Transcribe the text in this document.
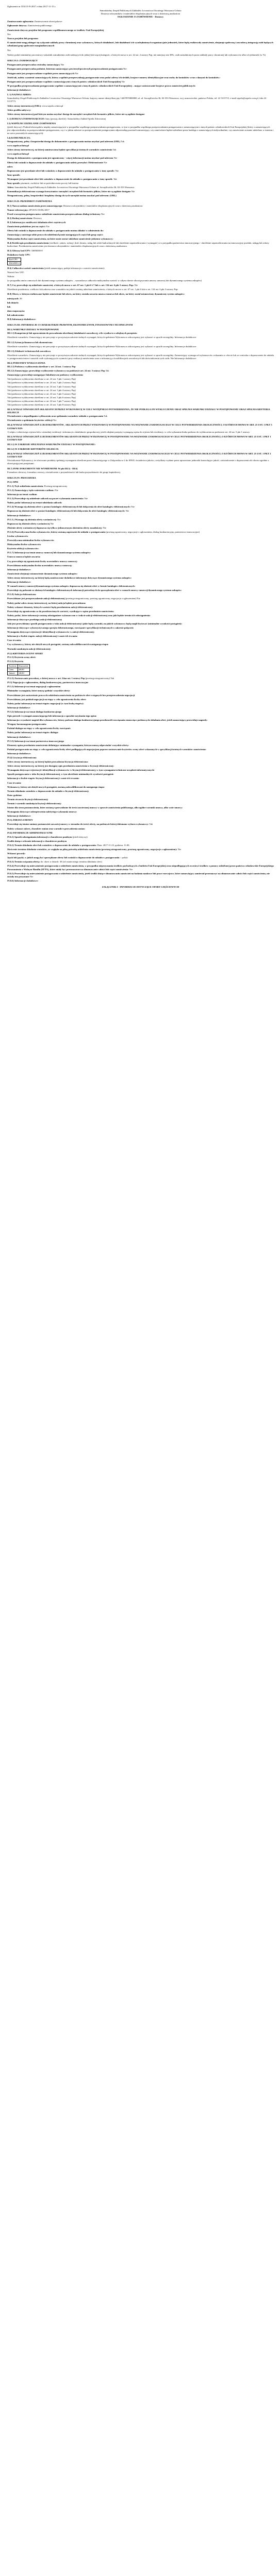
Ogłoszenie nr 553115-N-2017 z dnia 2017-11-15 r.
Samodzielny Zespół Publicznych Zakładów Lecznictwa Otwartego Warszawa Ochota
Dostawa odczynników i materiałów eksploatacyjnych wraz z dzierżawą analizatora
OGŁOSZENIE O ZAMÓWIENIU - Dostawy
Zamieszczanie ogłoszenia: Zamieszczanie obowiązkowe
Ogłoszenie dotyczy: Zamówienia publicznego
Zamówienie dotyczy projektu lub programu współfinansowanego ze środków Unii Europejskiej
Nie
Nazwa projektu lub programu

O zamówienie mogą ubiegać się wyłącznie zakłady pracy chronionej oraz wykonawcy, których działalność, lub działalność ich wyodrębnionych organizacyjnie jednostek, które będą realizowały zamówienie, obejmuje społeczną i zawodową integrację osób będących członkami grup społecznie marginalizowanych

Nie

Należy podać minimalny procentowy wskaźnik zatrudnienia osób należących do jednej lub więcej kategorii, o których mowa w art. 22 ust. 2 ustawy Pzp, nie mniejszy niż 30%, osób zatrudnionych przez zakłady pracy chronionej lub wykonawców albo ich jednostek (w %)

SEKCJA I: ZAMAWIAJĄCY
Postępowanie przeprowadza centralny zamawiający Nie
Postępowanie przeprowadza podmiot, któremu zamawiający powierzył/powierzyli przeprowadzenie postępowania Nie
Postępowanie jest przeprowadzane wspólnie przez zamawiających Nie
Jeżeli tak, należy wymienić zamawiających, którzy wspólnie przeprowadzają postępowanie oraz podać adresy ich siedzib, krajowe numery identyfikacyjne oraz osoby do kontaktów wraz z danymi do kontaktów:
Postępowanie jest przeprowadzane wspólnie z zamawiającymi z innych państw członkowskich Unii Europejskiej Nie
W przypadku przeprowadzania postępowania wspólnie z zamawiającymi z innych państw członkowskich Unii Europejskiej – mające zastosowanie krajowe prawo zamówień publicznych:
Informacje dodatkowe:
I. 1) NAZWA I ADRES:

Samodzielny Zespół Publicznych Zakładów Lecznictwa Otwartego Warszawa Ochota, krajowy numer identyfikacyjny 14207870000000, ul. ul. Szczęśliwicka 36, 02-353 Warszawa, woj. mazowieckie, państwo Polska, tel. 22 5115715, e-mail szpzlo@szpzlo.com.pl, faks 22 5115773.

Adres strony internetowej (URL): www.szpzlo.ochota.pl
Adres profilu nabywcy:
Adres strony internetowej pod którym można uzyskać dostęp do narzędzi i urządzeń lub formatów plików, które nie są ogólnie dostępne
I. 2) RODZAJ ZAMAWIAJĄCEGO: Inny (proszę określić): Samodzielny Zakład Opieki Zdrowotnej
I.3) WSPÓLNE UDZIELANIE ZAMÓWIENIA

(jeżeli dotyczy): Podział obowiązków między zamawiającymi w przypadku wspólnego przeprowadzania postępowania, w tym w przypadku wspólnego przeprowadzania postępowania z zamawiającymi z innych państw członkowskich Unii Europejskiej (który z zamawiających jest odpowiedzialny za przeprowadzenie postępowania, czy i w jakim zakresie za przeprowadzenie postępowania odpowiadają pozostali zamawiający, czy zamówienie będzie udzielane przez każdego z zamawiających indywidualnie, czy zamówienie zostanie udzielone w imieniu i na rzecz pozostałych zamawiających):

I.4) KOMUNIKACJA:
Nieograniczony, pełny i bezpośredni dostęp do dokumentów z postępowania można uzyskać pod adresem (URL) Tak
www.szpzlo.ochota.pl
Adres strony internetowej, na której zamieszczona będzie specyfikacja istotnych warunków zamówienia Tak
www.szpzlo.ochota.pl
Dostęp do dokumentów z postępowania jest ograniczony - więcej informacji można uzyskać pod adresem Nie
Oferty lub wnioski o dopuszczenie do udziału w postępowaniu należy przesyłać: Elektronicznie Nie
adres
Dopuszczone jest przesłanie ofert lub wniosków o dopuszczenie do udziału w postępowaniu w inny sposób: Nie
Inny sposób:
Wymagane jest przesłanie ofert lub wniosków o dopuszczenie do udziału w postępowaniu w inny sposób: Tak
Inny sposób: pisemnie, osobiście lub za pośrednictwem poczty lub kuriera
Adres: Samodzielny Zespół Publicznych Zakładów Lecznictwa Otwartego Warszawa Ochota ul. Szczęśliwicka 36, 02-353 Warszawa
Komunikacja elektroniczna wymaga korzystania z narzędzi i urządzeń lub formatów plików, które nie są ogólnie dostępne Nie
Nieograniczony, pełny, bezpośredni i bezpłatny dostęp do tych narzędzi można uzyskać pod adresem: (URL)
SEKCJA II: PRZEDMIOT ZAMÓWIENIA
II.1) Nazwa nadana zamówieniu przez zamawiającego: Dostawa odczynników i materiałów eksploatacyjnych wraz z dzierżawą analizatora
Numer referencyjny: ZP/25/U/10/DL/2017
Przed wszczęciem postępowania o udzielenie zamówienia przeprowadzono dialog techniczny Nie
II.2) Rodzaj zamówienia: Dostawy
II.3) Informacja o możliwości składania ofert częściowych
Zamówienie podzielone jest na części: Nie
Oferty lub wnioski o dopuszczenie do udziału w postępowaniu można składać w odniesieniu do:
Zamawiający zastrzega sobie prawo do udzielenia łącznie następujących części lub grup części:
Maksymalna liczba części zamówienia, na które może zostać udzielone zamówienie jednemu wykonawcy:
II.4) Krótki opis przedmiotu zamówienia (wielkość, zakres, rodzaj i ilość dostaw, usług lub robót budowlanych lub określenie zapotrzebowania i wymagań ) a w przypadku partnerstwa innowacyjnego - określenie zapotrzebowania na innowacyjny produkt, usługę lub roboty budowlane: Przedmiotem zamówienia jest dostawa odczynników i materiałów eksploatacyjnych wraz z dzierżawą analizatora.
II.5) Główny kod CPV: 33696500-0
Dodatkowe kody CPV:
Kod CPV
38434500-2
II.6) Całkowita wartość zamówienia (jeżeli zamawiający podaje informacje o wartości zamówienia):
Wartość bez VAT:
Waluta:

(w przypadku umów ramowych lub dynamicznego systemu zakupów – szacunkowa całkowita maksymalna wartość w całym okresie obowiązywania umowy ramowej lub dynamicznego systemu zakupów)

II.7) Czy przewiduje się udzielenie zamówień, o których mowa w art. 67 ust. 1 pkt 6 i 7 lub w art. 134 ust. 6 pkt 3 ustawy Pzp: Nie

Określenie przedmiotu, wielkości lub zakresu oraz warunków na jakich zostaną udzielone zamówienia, o których mowa w art. 67 ust. 1 pkt 6 lub w art. 134 ust. 6 pkt 3 ustawy Pzp:

II.8) Okres, w którym realizowane będzie zamówienie lub okres, na który została zawarta umowa ramowa lub okres, na który został ustanowiony dynamiczny system zakupów:
miesiącach: 36
lub dniach:
lub
data rozpoczęcia:
lub zakończenia:
II.9) Informacje dodatkowe:
SEKCJA III: INFORMACJE O CHARAKTERZE PRAWNYM, EKONOMICZNYM, FINANSOWYM I TECHNICZNYM
III.1) WARUNKI UDZIAŁU W POSTĘPOWANIU
III.1.1) Kompetencje lub uprawnienia do prowadzenia określonej działalności zawodowej, o ile wynika to z odrębnych przepisów

Określenie warunków: Zamawiający nie precyzuje w powyższym zakresie żadnych wymagań, których spełnienie Wykonawca zobowiązany jest wykazać w sposób szczególny. Informacje dodatkowe:

III.1.2) Sytuacja finansowa lub ekonomiczna

Określenie warunków: Zamawiający nie precyzuje w powyższym zakresie żadnych wymagań, których spełnienie Wykonawca zobowiązany jest wykazać w sposób szczególny. Informacje dodatkowe:

III.1.3) Zdolność techniczna lub zawodowa

Określenie warunków: Zamawiający nie precyzuje w powyższym zakresie żadnych wymagań, których spełnienie Wykonawca zobowiązany jest wykazać w sposób szczególny. Zamawiający wymaga od wykonawców wskazania w ofercie lub we wniosku o dopuszczenie do udziału w postępowaniu imion i nazwisk osób wykonujących czynności przy realizacji zamówienia wraz z informacją o kwalifikacjach zawodowych lub doświadczeniu tych osób: Nie Informacje dodatkowe:

III.2) PODSTAWY WYKLUCZENIA
III.2.1) Podstawy wykluczenia określone w art. 24 ust. 1 ustawy Pzp
III.2.2) Zamawiający przewiduje wykluczenie wykonawcy na podstawie art. 24 ust. 5 ustawy Pzp Tak
Zamawiający przewiduje następujące fakultatywne podstawy wykluczenia:
Tak (podstawa wykluczenia określona w art. 24 ust. 5 pkt 1 ustawy Pzp)
Tak (podstawa wykluczenia określona w art. 24 ust. 5 pkt 2 ustawy Pzp)
Tak (podstawa wykluczenia określona w art. 24 ust. 5 pkt 3 ustawy Pzp)
Tak (podstawa wykluczenia określona w art. 24 ust. 5 pkt 4 ustawy Pzp)
Tak (podstawa wykluczenia określona w art. 24 ust. 5 pkt 5 ustawy Pzp)
Tak (podstawa wykluczenia określona w art. 24 ust. 5 pkt 6 ustawy Pzp)
Tak (podstawa wykluczenia określona w art. 24 ust. 5 pkt 7 ustawy Pzp)
Tak (podstawa wykluczenia określona w art. 24 ust. 5 pkt 8 ustawy Pzp)
III.3) WYKAZ OŚWIADCZEŃ SKŁADANYCH PRZEZ WYKONAWCĘ W CELU WSTĘPNEGO POTWIERDZENIA, ŻE NIE PODLEGA ON WYKLUCZENIU ORAZ SPEŁNIA WARUNKI UDZIAŁU W POSTĘPOWANIU ORAZ SPEŁNIA KRYTERIA SELEKCJI
Oświadczenie o niepodleganiu wykluczeniu oraz spełnianiu warunków udziału w postępowaniu Tak
Oświadczenie o spełnianiu kryteriów selekcji Nie
III.4) WYKAZ OŚWIADCZEŃ LUB DOKUMENTÓW , SKŁADANYCH PRZEZ WYKONAWCĘ W POSTĘPOWANIU NA WEZWANIE ZAMAWIAJACEGO W CELU POTWIERDZENIA OKOLICZNOŚCI, O KTÓRYCH MOWA W ART. 25 UST. 1 PKT 3 USTAWY PZP:

1) odpis z właściwego rejestru lub z centralnej ewidencji i informacji o działalności gospodarczej, jeżeli odrębne przepisy wymagają wpisu do rejestru lub ewidencji, w celu wykazania braku podstaw do wykluczenia na podstawie art. 24 ust. 5 pkt 1 ustawy.

III.5) WYKAZ OŚWIADCZEŃ LUB DOKUMENTÓW SKŁADANYCH PRZEZ WYKONAWCĘ W POSTĘPOWANIU NA WEZWANIE ZAMAWIAJACEGO W CELU POTWIERDZENIA OKOLICZNOŚCI, O KTÓRYCH MOWA W ART. 25 UST. 1 PKT 1 USTAWY PZP
III.5.1) W ZAKRESIE SPEŁNIANIA WARUNKÓW UDZIAŁU W POSTĘPOWANIU:
III.5.2) W ZAKRESIE KRYTERIÓW SELEKCJI:
III.6) WYKAZ OŚWIADCZEŃ LUB DOKUMENTÓW SKŁADANYCH PRZEZ WYKONAWCĘ W POSTĘPOWANIU NA WEZWANIE ZAMAWIAJACEGO W CELU POTWIERDZENIA OKOLICZNOŚCI, O KTÓRYCH MOWA W ART. 25 UST. 1 PKT 2 USTAWY PZP

Oświadczenie Wykonawcy, że oferowane produkty spełniają wymagania określone przez Zamawiającego w Załączniku nr 2 do SIWZ; świadectwa jakości, certyfikaty wydane przez uprawnione jednostki kontrolujące jakość, zaświadczenie o dopuszczeniu do obrotu zgodnie z obowiązującymi przepisami.

III.7) INNE DOKUMENTY NIE WYMIENIONE W pkt III.3) - III.6)

Formularz ofertowy, formularz cenowy, oświadczenie o przynależności lub braku przynależności do grupy kapitałowej.

SEKCJA IV: PROCEDURA
IV.1) OPIS
IV.1.1) Tryb udzielenia zamówienia: Przetarg nieograniczony
IV.1.2) Zamawiający żąda wniesienia wadium: Nie
Informacja na temat wadium
IV.1.3) Przewiduje się udzielenie zaliczek na poczet wykonania zamówienia: Nie
Należy podać informacje na temat udzielania zaliczek:
IV.1.4) Wymaga się złożenia ofert w postaci katalogów elektronicznych lub dołączenia do ofert katalogów elektronicznych: Nie
Dopuszcza się złożenie ofert w postaci katalogów elektronicznych lub dołączenia do ofert katalogów elektronicznych: Nie
Informacje dodatkowe:
IV.1.5.) Wymaga się złożenia oferty wariantowej: Nie
Dopuszcza się złożenie oferty wariantowej Nie
Złożenie oferty wariantowej dopuszcza się tylko z jednoczesnym złożeniem oferty zasadniczej: Nie
IV.1.6) Przewidywana liczba wykonawców, którzy zostaną zaproszeni do udziału w postępowaniu (przetarg ograniczony, negocjacje z ogłoszeniem, dialog konkurencyjny, partnerstwo innowacyjne)
Liczba wykonawców
Przewidywana minimalna liczba wykonawców
Maksymalna liczba wykonawców
Kryteria selekcji wykonawców:
IV.1.7) Informacje na temat umowy ramowej lub dynamicznego systemu zakupów:
Umowa ramowa będzie zawarta:
Czy przewiduje się ograniczenie liczby uczestników umowy ramowej:
Przewidziana maksymalna liczba uczestników umowy ramowej:
Informacje dodatkowe:
Zamówienie obejmuje ustanowienie dynamicznego systemu zakupów:
Adres strony internetowej, na której będą zamieszczone dodatkowe informacje dotyczące dynamicznego systemu zakupów:
Informacje dodatkowe:
W ramach umowy ramowej/dynamicznego systemu zakupów dopuszcza się złożenie ofert w formie katalogów elektronicznych:
Przewiduje się pobranie ze złożonych katalogów elektronicznych informacji potrzebnych do sporządzenia ofert w ramach umowy ramowej/dynamicznego systemu zakupów:
IV.1.8) Aukcja elektroniczna
Przewidziane jest przeprowadzenie aukcji elektronicznej (przetarg nieograniczony, przetarg ograniczony, negocjacje z ogłoszeniem) Nie
Należy podać adres strony internetowej, na której aukcja będzie prowadzona:
Należy wskazać elementy, których wartości będą przedmiotem aukcji elektronicznej:
Przewiduje się ograniczenia co do przedstawionych wartości, wynikające z opisu przedmiotu zamówienia:
Należy podać, które informacje zostaną udostępnione wykonawcom w trakcie aukcji elektronicznej oraz jaki będzie termin ich udostępnienia:
Informacje dotyczące przebiegu aukcji elektronicznej:
Jaki jest przewidziany sposób postępowania w toku aukcji elektronicznej i jakie będą warunki, na jakich wykonawcy będą mogli licytować (minimalne wysokości postąpień):
Informacje dotyczące wykorzystywanego sprzętu elektronicznego, rozwiązań i specyfikacji technicznych w zakresie połączeń:
Wymagania dotyczące rejestracji i identyfikacji wykonawców w aukcji elektronicznej:
Informacje o liczbie etapów aukcji elektronicznej i czasie ich trwania:
Czas trwania:
Czy wykonawcy, którzy nie złożyli nowych postąpień, zostaną zakwalifikowani do następnego etapu:
Warunki zamknięcia aukcji elektronicznej:
IV.2) KRYTERIA OCENY OFERT
IV.2.1) Kryteria oceny ofert:
IV.2.2) Kryteria
Kryteria	Znaczenie
Cena	60,00
Jakość	40,00
IV.2.3) Zastosowanie procedury, o której mowa w art. 24aa ust. 1 ustawy Pzp (przetarg nieograniczony) Tak
IV.3) Negocjacje z ogłoszeniem, dialog konkurencyjny, partnerstwo innowacyjne
IV.3.1) Informacje na temat negocjacji z ogłoszeniem
Minimalne wymagania, które muszą spełniać wszystkie oferty:
Przewidziane jest zastrzeżenie prawa do udzielenia zamówienia na podstawie ofert wstępnych bez przeprowadzenia negocjacji
Przewidziany jest podział negocjacji na etapy w celu ograniczenia liczby ofert:
Należy podać informacje na temat etapów negocjacji (w tym liczbę etapów):
Informacje dodatkowe
IV.3.2) Informacje na temat dialogu konkurencyjnego
Opis potrzeb i wymagań zamawiającego lub informacja o sposobie uzyskania tego opisu:
Informacja o wysokości nagród dla wykonawców, którzy podczas dialogu konkurencyjnego przedstawili rozwiązania stanowiące podstawę do składania ofert, jeżeli zamawiający przewiduje nagrody:
Wstępny harmonogram postępowania:
Podział dialogu na etapy w celu ograniczenia liczby rozwiązań:
Należy podać informacje na temat etapów dialogu:
Informacje dodatkowe:
IV.3.3) Informacje na temat partnerstwa innowacyjnego
Elementy opisu przedmiotu zamówienia definiujące minimalne wymagania, którym muszą odpowiadać wszystkie oferty:
Podział postępowania na etapy w celu ograniczenia liczby ofert podlegających negocjacjom poprzez zastosowanie kryteriów oceny ofert wskazanych w specyfikacji istotnych warunków zamówienia:
Informacje dodatkowe:
IV.4) Licytacja elektroniczna
Adres strony internetowej, na której będzie prowadzona licytacja elektroniczna:
Adres strony internetowej, na której jest dostępny opis przedmiotu zamówienia w licytacji elektronicznej:
Wymagania dotyczące rejestracji i identyfikacji wykonawców w licytacji elektronicznej, w tym wymagania techniczne urządzeń informatycznych:
Sposób postępowania w toku licytacji elektronicznej, w tym określenie minimalnych wysokości postąpień:
Informacje o liczbie etapów licytacji elektronicznej i czasie ich trwania:
Czas trwania:
Wykonawcy, którzy nie złożyli nowych postąpień, zostaną zakwalifikowani do następnego etapu:
Termin składania wniosków o dopuszczenie do udziału w licytacji elektronicznej:
Data: godzina:
Termin otwarcia licytacji elektronicznej:
Termin i warunki zamknięcia licytacji elektronicznej:
Istotne dla stron postanowienia, które zostaną wprowadzone do treści zawieranej umowy w sprawie zamówienia publicznego, albo ogólne warunki umowy, albo wzór umowy:
Wymagania dotyczące zabezpieczenia należytego wykonania umowy:
Informacje dodatkowe:
IV.5) ZMIANA UMOWY
Przewiduje się istotne zmiany postanowień zawartej umowy w stosunku do treści oferty, na podstawie której dokonano wyboru wykonawcy: Tak
Należy wskazać zakres, charakter zmian oraz warunki wprowadzenia zmian:
IV.6) INFORMACJE ADMINISTRACYJNE
IV.6.1) Sposób udostępniania informacji o charakterze poufnym (jeżeli dotyczy):
Środki służące ochronie informacji o charakterze poufnym
IV.6.2) Termin składania ofert lub wniosków o dopuszczenie do udziału w postępowaniu: Data: 2017-11-23, godzina: 11:00,
Skrócenie terminu składania wniosków, ze względu na pilną potrzebę udzielenia zamówienia (przetarg nieograniczony, przetarg ograniczony, negocjacje z ogłoszeniem): Nie
Wskazać powody:
Język lub języki, w jakich mogą być sporządzane oferty lub wnioski o dopuszczenie do udziału w postępowaniu > polski
IV.6.3) Termin związania ofertą: do: okres w dniach: 30 (od ostatecznego terminu składania ofert)
IV.6.4) Przewiduje się unieważnienie postępowania o udzielenie zamówienia, w przypadku nieprzyznania środków pochodzących z budżetu Unii Europejskiej oraz niepodlegających zwrotowi środków z pomocy udzielonej przez państwa członkowskie Europejskiego Porozumienia o Wolnym Handlu (EFTA), które miały być przeznaczone na sfinansowanie całości lub części zamówienia: Nie
IV.6.5) Przewiduje się unieważnienie postępowania o udzielenie zamówienia, jeżeli środki służące sfinansowaniu zamówień na badania naukowe lub prace rozwojowe, które zamawiający zamierzał przeznaczyć na sfinansowanie całości lub części zamówienia, nie zostały mu przyznane Nie
IV.6.6) Informacje dodatkowe:
ZAŁĄCZNIK I - INFORMACJE DOTYCZĄCE OFERT CZĘŚCIOWYCH
